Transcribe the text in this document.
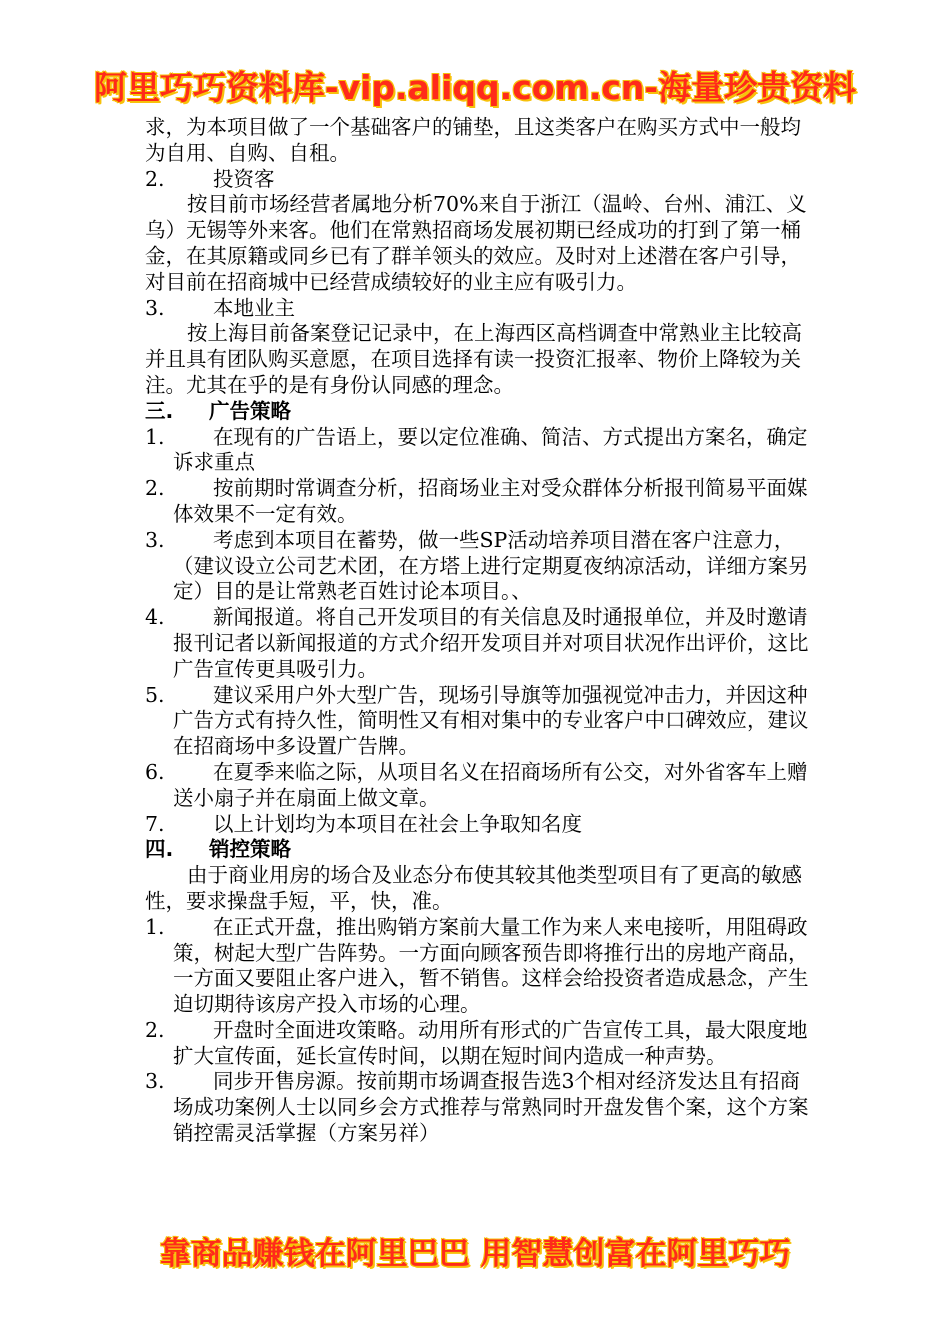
阿里巧巧资料库-vip.aliqq.com.cn-海量珍贵资料

求，为本项目做了一个基础客户的铺垫，且这类客户在购买方式中一般均为自用、自购、自租。

2.	投资客

按目前市场经营者属地分析70%来自于浙江（温岭、台州、浦江、义乌）无锡等外来客。他们在常熟招商场发展初期已经成功的打到了第一桶金，在其原籍或同乡已有了群羊领头的效应。及时对上述潜在客户引导，对目前在招商城中已经营成绩较好的业主应有吸引力。

3.	本地业主

按上海目前备案登记记录中，在上海西区高档调查中常熟业主比较高并且具有团队购买意愿，在项目选择有读一投资汇报率、物价上降较为关注。尤其在乎的是有身份认同感的理念。

三. 广告策略
1.	在现有的广告语上，要以定位准确、简洁、方式提出方案名，确定诉求重点
2.	按前期时常调查分析，招商场业主对受众群体分析报刊简易平面媒体效果不一定有效。
3.	考虑到本项目在蓄势，做一些SP活动培养项目潜在客户注意力，（建议设立公司艺术团，在方塔上进行定期夏夜纳凉活动，详细方案另定）目的是让常熟老百姓讨论本项目。、
4.	新闻报道。将自己开发项目的有关信息及时通报单位，并及时邀请报刊记者以新闻报道的方式介绍开发项目并对项目状况作出评价，这比广告宣传更具吸引力。
5.	建议采用户外大型广告，现场引导旗等加强视觉冲击力，并因这种广告方式有持久性，简明性又有相对集中的专业客户中口碑效应，建议在招商场中多设置广告牌。
6.	在夏季来临之际，从项目名义在招商场所有公交，对外省客车上赠送小扇子并在扇面上做文章。
7.	以上计划均为本项目在社会上争取知名度
四. 销控策略

由于商业用房的场合及业态分布使其较其他类型项目有了更高的敏感性，要求操盘手短，平，快，准。

1.	在正式开盘，推出购销方案前大量工作为来人来电接听，用阻碍政策，树起大型广告阵势。一方面向顾客预告即将推行出的房地产商品，一方面又要阻止客户进入，暂不销售。这样会给投资者造成悬念，产生迫切期待该房产投入市场的心理。
2.	开盘时全面进攻策略。动用所有形式的广告宣传工具，最大限度地扩大宣传面，延长宣传时间，以期在短时间内造成一种声势。
3.	同步开售房源。按前期市场调查报告选3个相对经济发达且有招商场成功案例人士以同乡会方式推荐与常熟同时开盘发售个案，这个方案销控需灵活掌握（方案另祥）
靠商品赚钱在阿里巴巴 用智慧创富在阿里巧巧
